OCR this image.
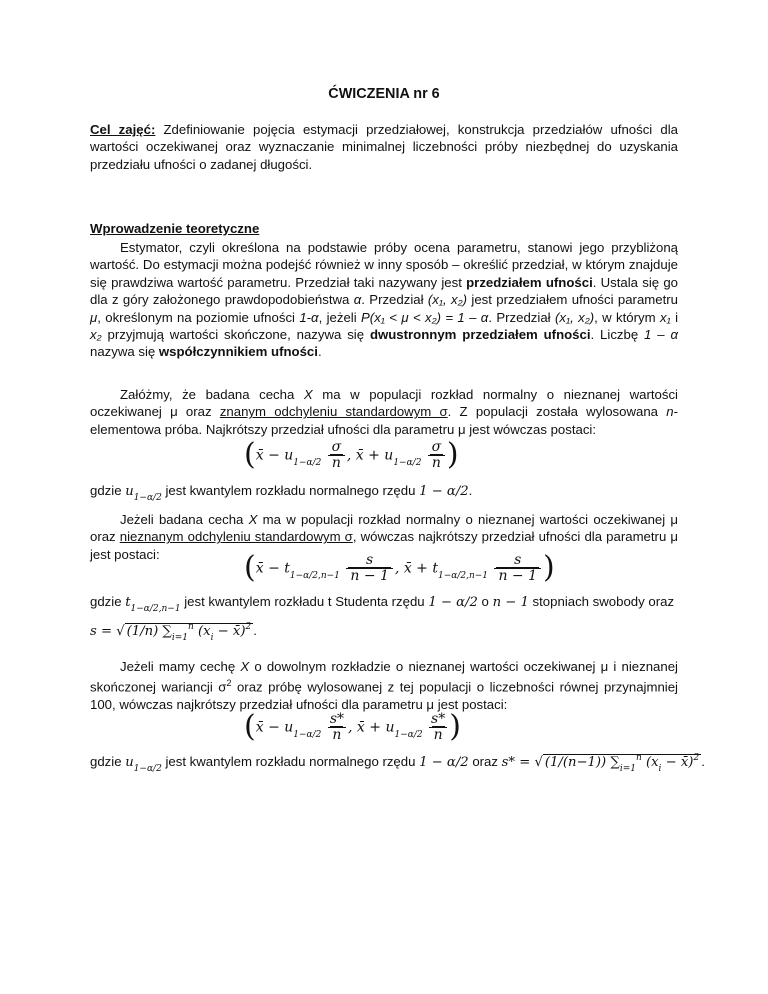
ĆWICZENIA nr 6
Cel zajęć: Zdefiniowanie pojęcia estymacji przedziałowej, konstrukcja przedziałów ufności dla wartości oczekiwanej oraz wyznaczanie minimalnej liczebności próby niezbędnej do uzyskania przedziału ufności o zadanej długości.
Wprowadzenie teoretyczne
Estymator, czyli określona na podstawie próby ocena parametru, stanowi jego przybliżoną wartość. Do estymacji można podejść również w inny sposób – określić przedział, w którym znajduje się prawdziwa wartość parametru. Przedział taki nazywany jest przedziałem ufności. Ustala się go dla z góry założonego prawdopodobieństwa α. Przedział (x₁, x₂) jest przedziałem ufności parametru μ, określonym na poziomie ufności 1-α, jeżeli P(x₁ < μ < x₂) = 1 – α. Przedział (x₁, x₂), w którym x₁ i x₂ przyjmują wartości skończone, nazywa się dwustronnym przedziałem ufności. Liczbę 1 – α nazywa się współczynnikiem ufności.
Załóżmy, że badana cecha X ma w populacji rozkład normalny o nieznanej wartości oczekiwanej μ oraz znanym odchyleniu standardowym σ. Z populacji została wylosowana n-elementowa próba. Najkrótszy przedział ufności dla parametru μ jest wówczas postaci:
(x̄ − $u_{1-\alpha/2} \frac{\sigma}{n}$ , x̄ + $u_{1-\alpha/2} \frac{\sigma}{n}$ )
gdzie $u_{1-\alpha/2}$ jest kwantylem rozkładu normalnego rzędu 1 − α/2.
Jeżeli badana cecha X ma w populacji rozkład normalny o nieznanej wartości oczekiwanej μ oraz nieznanym odchyleniu standardowym σ, wówczas najkrótszy przedział ufności dla parametru μ jest postaci:	(x̄ − $t_{1-\alpha/2,n-1} \frac{s}{n - 1}$ , x̄ + $t_{1-\alpha/2,n-1} \frac{s}{n - 1}$ )
gdzie $t_{1-\alpha/2,n-1}$ jest kwantylem rozkładu t Studenta rzędu 1 − α/2 o n − 1 stopniach swobody oraz
s = √ (1/n) $\sum_{i=1}^n$ ($x_i$ − x̄)$^2$ .
Jeżeli mamy cechę X o dowolnym rozkładzie o nieznanej wartości oczekiwanej μ i nieznanej skończonej wariancji $\sigma^2$ oraz próbę wylosowanej z tej populacji o liczebności równej przynajmniej 100, wówczas najkrótszy przedział ufności dla parametru μ jest postaci:
(x̄ − $u_{1-\alpha/2} \frac{s*}{n}$ , x̄ + $u_{1-\alpha/2} \frac{s*}{n}$ )
gdzie $u_{1-\alpha/2}$ jest kwantylem rozkładu normalnego rzędu 1 − α/2 oraz s* = √ (1/(n−1)) $\sum_{i=1}^n$ ($x_i$ − x̄)$^2$ .
